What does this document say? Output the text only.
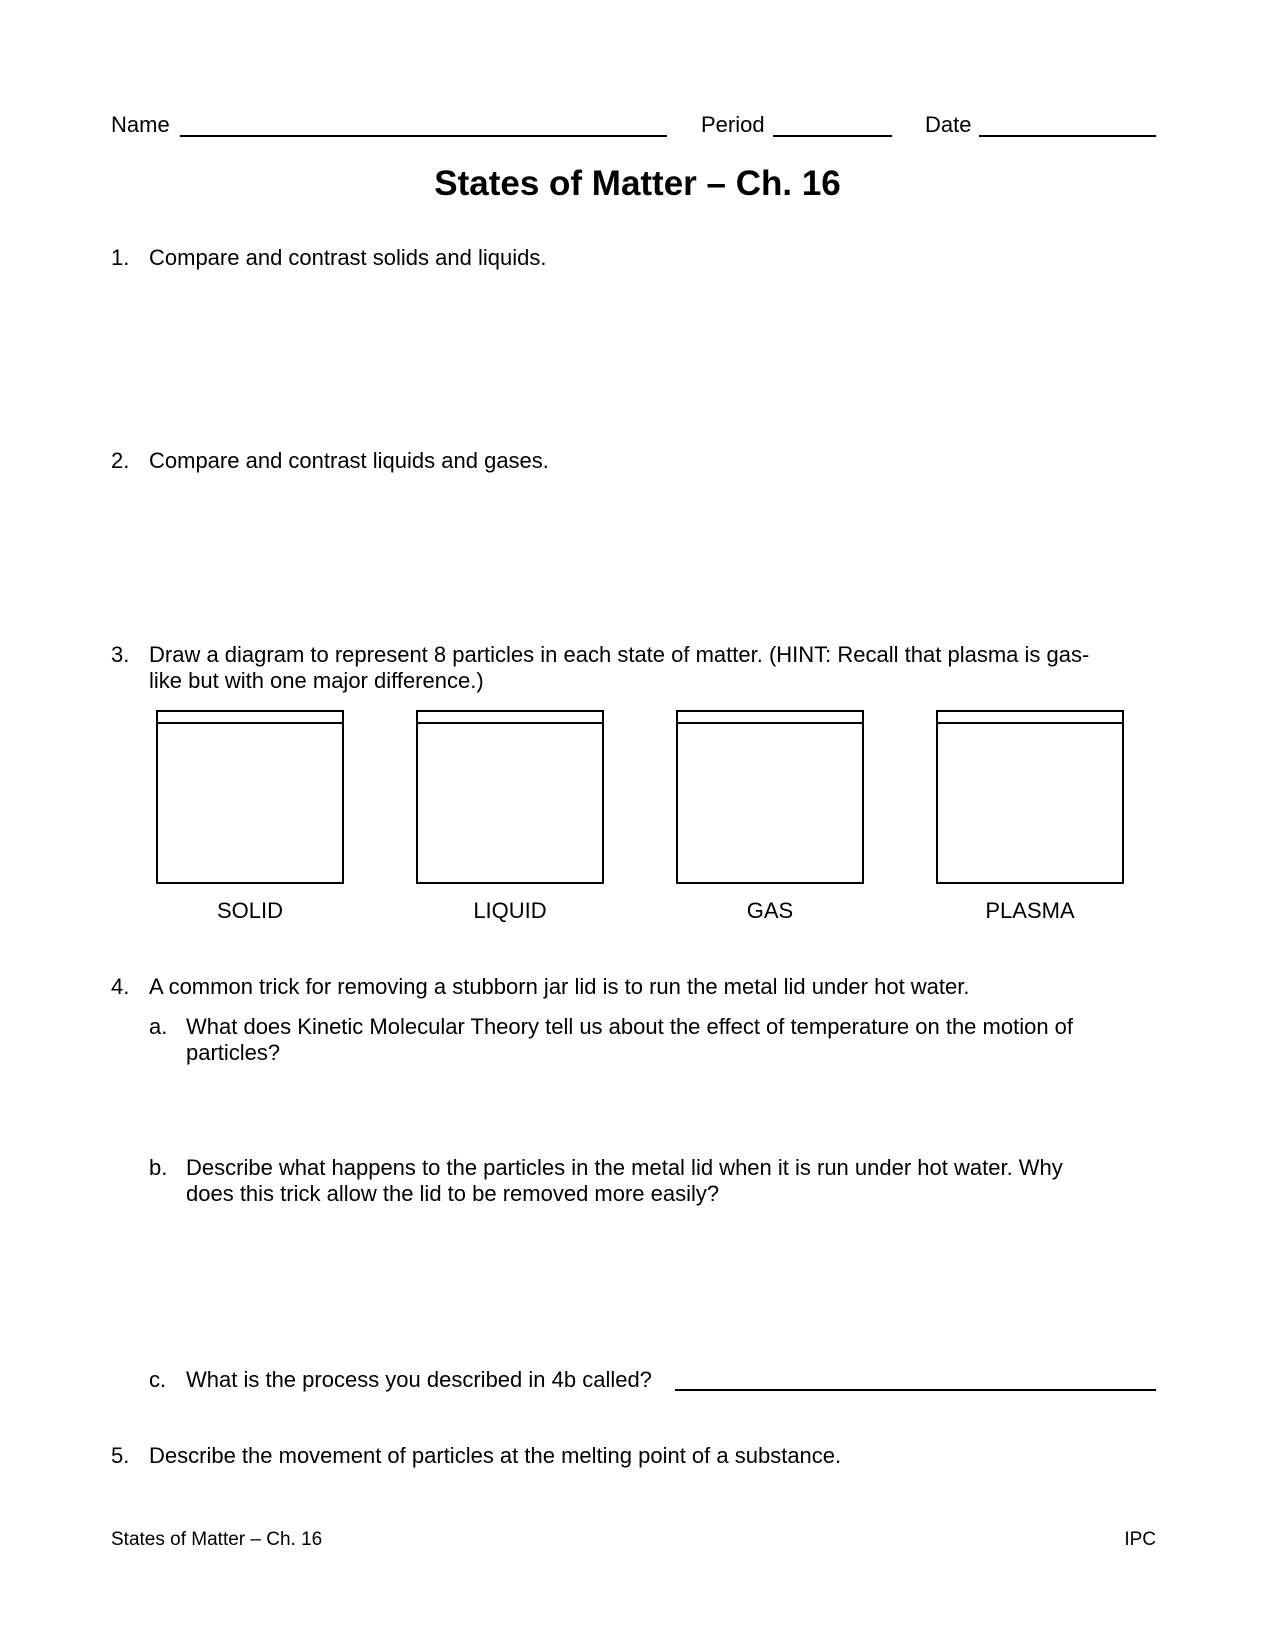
Name	Period	Date
States of Matter – Ch. 16
1. Compare and contrast solids and liquids.
2. Compare and contrast liquids and gases.
3. Draw a diagram to represent 8 particles in each state of matter. (HINT: Recall that plasma is gas-
like but with one major difference.)
SOLID	LIQUID	GAS	PLASMA
4. A common trick for removing a stubborn jar lid is to run the metal lid under hot water.
a. What does Kinetic Molecular Theory tell us about the effect of temperature on the motion of
particles?
b. Describe what happens to the particles in the metal lid when it is run under hot water. Why
does this trick allow the lid to be removed more easily?
c. What is the process you described in 4b called?
5. Describe the movement of particles at the melting point of a substance.
States of Matter – Ch. 16	IPC
